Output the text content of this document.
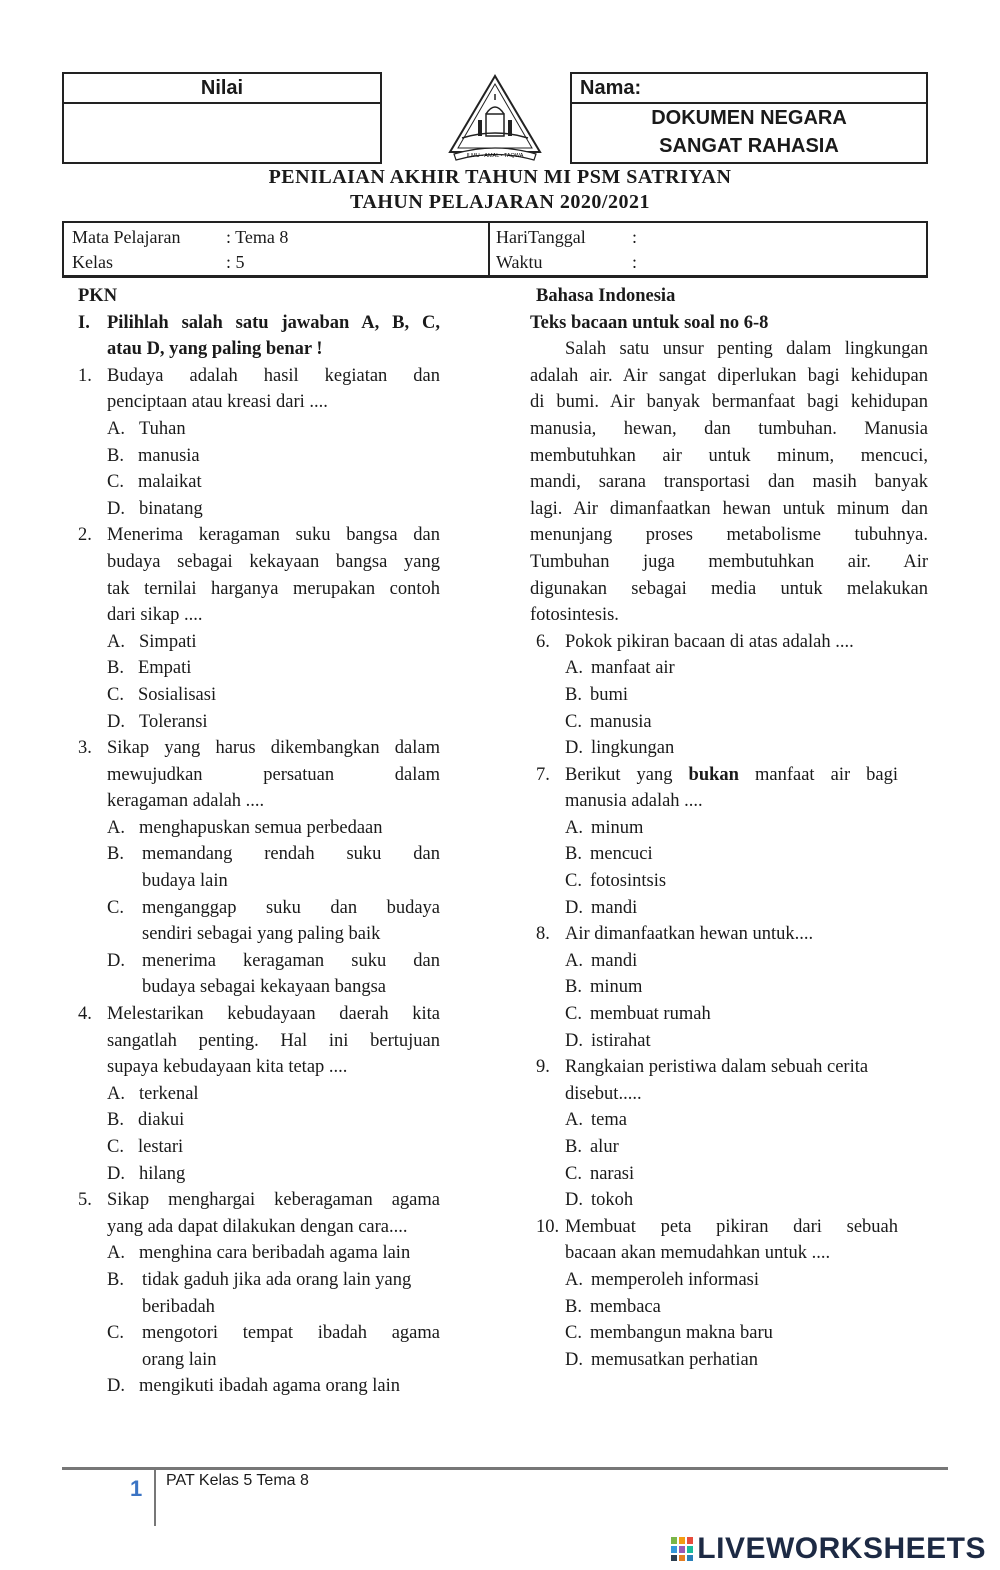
Nilai
ILMU - AMAL - TAQWA
Nama:
DOKUMEN NEGARA
SANGAT RAHASIA
PENILAIAN AKHIR TAHUN MI PSM SATRIYAN
TAHUN PELAJARAN 2020/2021
Mata Pelajaran	: Tema 8
Kelas	: 5
HariTanggal	:
Waktu	:
PKN
I. Pilihlah salah satu jawaban A, B, C,
atau D, yang paling benar !
1. Budaya adalah hasil kegiatan dan
penciptaan atau kreasi dari ....
A. Tuhan
B. manusia
C. malaikat
D. binatang
2. Menerima keragaman suku bangsa dan
budaya sebagai kekayaan bangsa yang
tak ternilai harganya merupakan contoh
dari sikap ....
A. Simpati
B. Empati
C. Sosialisasi
D. Toleransi
3. Sikap yang harus dikembangkan dalam
mewujudkan persatuan dalam
keragaman adalah ....
A. menghapuskan semua perbedaan
B. memandang rendah suku dan
budaya lain
C. menganggap suku dan budaya
sendiri sebagai yang paling baik
D. menerima keragaman suku dan
budaya sebagai kekayaan bangsa
4. Melestarikan kebudayaan daerah kita
sangatlah penting. Hal ini bertujuan
supaya kebudayaan kita tetap ....
A. terkenal
B. diakui
C. lestari
D. hilang
5. Sikap menghargai keberagaman agama
yang ada dapat dilakukan dengan cara....
A. menghina cara beribadah agama lain
B. tidak gaduh jika ada orang lain yang
beribadah
C. mengotori tempat ibadah agama
orang lain
D. mengikuti ibadah agama orang lain
Bahasa Indonesia
Teks bacaan untuk soal no 6-8
Salah satu unsur penting dalam lingkungan
adalah air. Air sangat diperlukan bagi kehidupan
di bumi. Air banyak bermanfaat bagi kehidupan
manusia, hewan, dan tumbuhan. Manusia
membutuhkan air untuk minum, mencuci,
mandi, sarana transportasi dan masih banyak
lagi. Air dimanfaatkan hewan untuk minum dan
menunjang proses metabolisme tubuhnya.
Tumbuhan juga membutuhkan air. Air
digunakan sebagai media untuk melakukan
fotosintesis.
6. Pokok pikiran bacaan di atas adalah ....
A. manfaat air
B. bumi
C. manusia
D. lingkungan
7. Berikut yang bukan manfaat air bagi
manusia adalah ....
A. minum
B. mencuci
C. fotosintsis
D. mandi
8. Air dimanfaatkan hewan untuk....
A. mandi
B. minum
C. membuat rumah
D. istirahat
9. Rangkaian peristiwa dalam sebuah cerita
disebut.....
A. tema
B. alur
C. narasi
D. tokoh
10. Membuat peta pikiran dari sebuah
bacaan akan memudahkan untuk ....
A. memperoleh informasi
B. membaca
C. membangun makna baru
D. memusatkan perhatian
1 PAT Kelas 5 Tema 8
LIVEWORKSHEETS
